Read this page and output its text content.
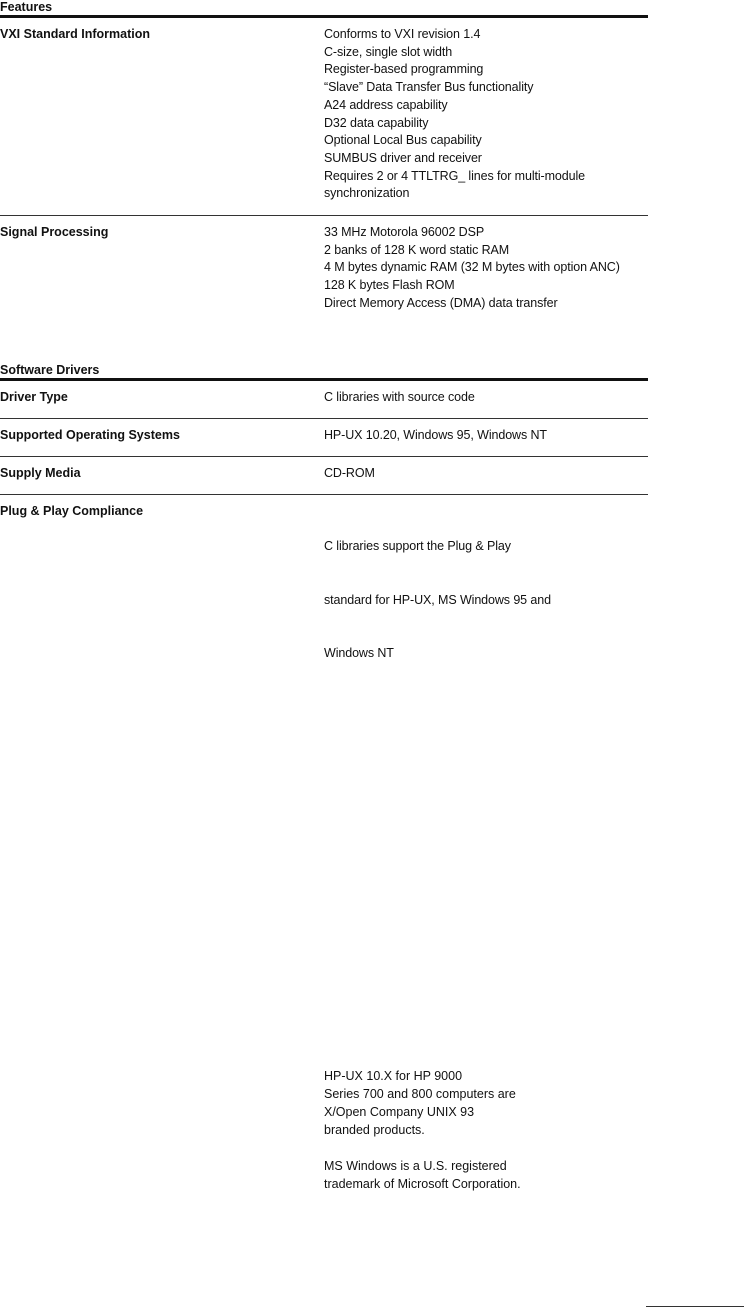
Features
VXI Standard Information	Conforms to VXI revision 1.4
C-size, single slot width
Register-based programming
“Slave” Data Transfer Bus functionality
A24 address capability
D32 data capability
Optional Local Bus capability
SUMBUS driver and receiver
Requires 2 or 4 TTLTRG_ lines for multi-module
synchronization
Signal Processing	33 MHz Motorola 96002 DSP
2 banks of 128 K word static RAM
4 M bytes dynamic RAM (32 M bytes with option ANC)
128 K bytes Flash ROM
Direct Memory Access (DMA) data transfer
Software Drivers
Driver Type	C libraries with source code
Supported Operating Systems	HP-UX 10.20, Windows 95, Windows NT
Supply Media	CD-ROM
Plug & Play Compliance

C libraries support the Plug & Play

standard for HP-UX, MS Windows 95 and

Windows NT

HP-UX 10.X for HP 9000
Series 700 and 800 computers are
X/Open Company UNIX 93
branded products.

MS Windows is a U.S. registered
trademark of Microsoft Corporation.
